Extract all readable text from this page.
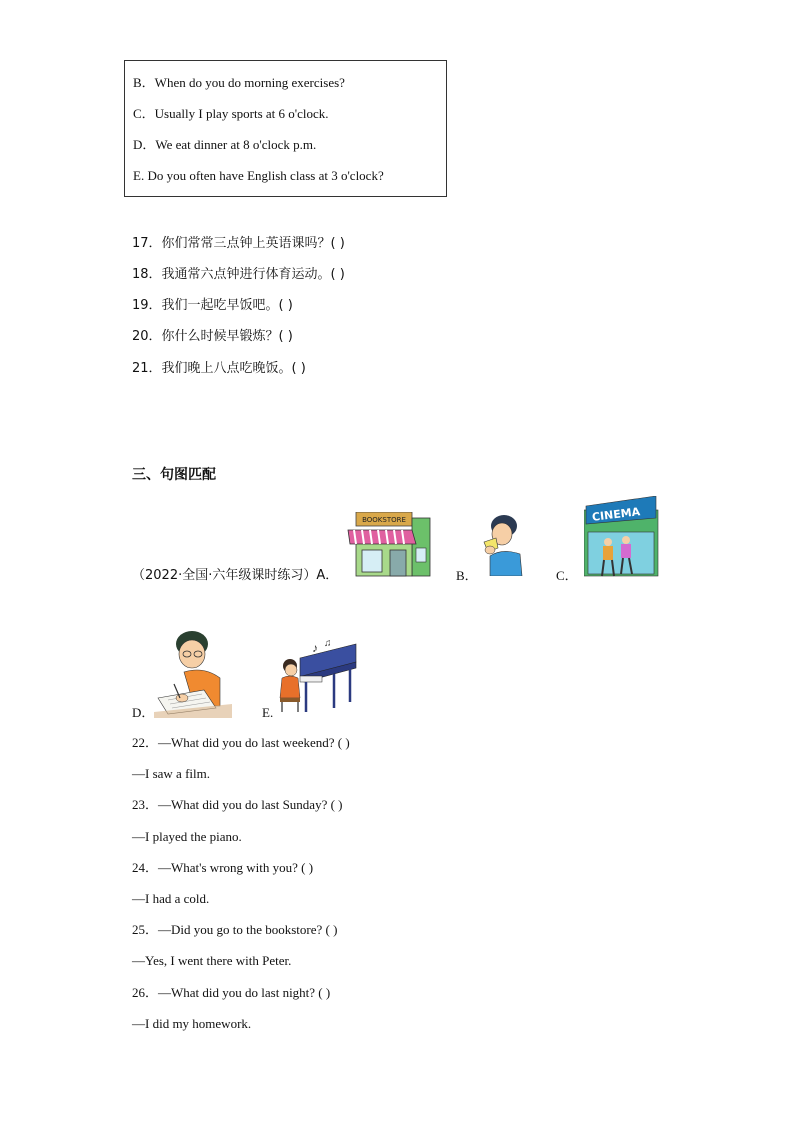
B．When do you do morning exercises?
C．Usually I play sports at 6 o'clock.
D．We eat dinner at 8 o'clock p.m.
E. Do you often have English class at 3 o'clock?
17．你们常常三点钟上英语课吗？( )
18．我通常六点钟进行体育运动。( )
19．我们一起吃早饭吧。( )
20．你什么时候早锻炼？( )
21．我们晚上八点吃晚饭。( )
三、句图匹配
（2022·全国·六年级课时练习）A．
BOOKSTORE
B．	C．
CINEMA
D．	E.
♪ ♫
22．—What did you do last weekend? ( )
—I saw a film.
23．—What did you do last Sunday? ( )
—I played the piano.
24．—What's wrong with you? ( )
—I had a cold.
25．—Did you go to the bookstore? ( )
—Yes, I went there with Peter.
26．—What did you do last night? ( )
—I did my homework.
